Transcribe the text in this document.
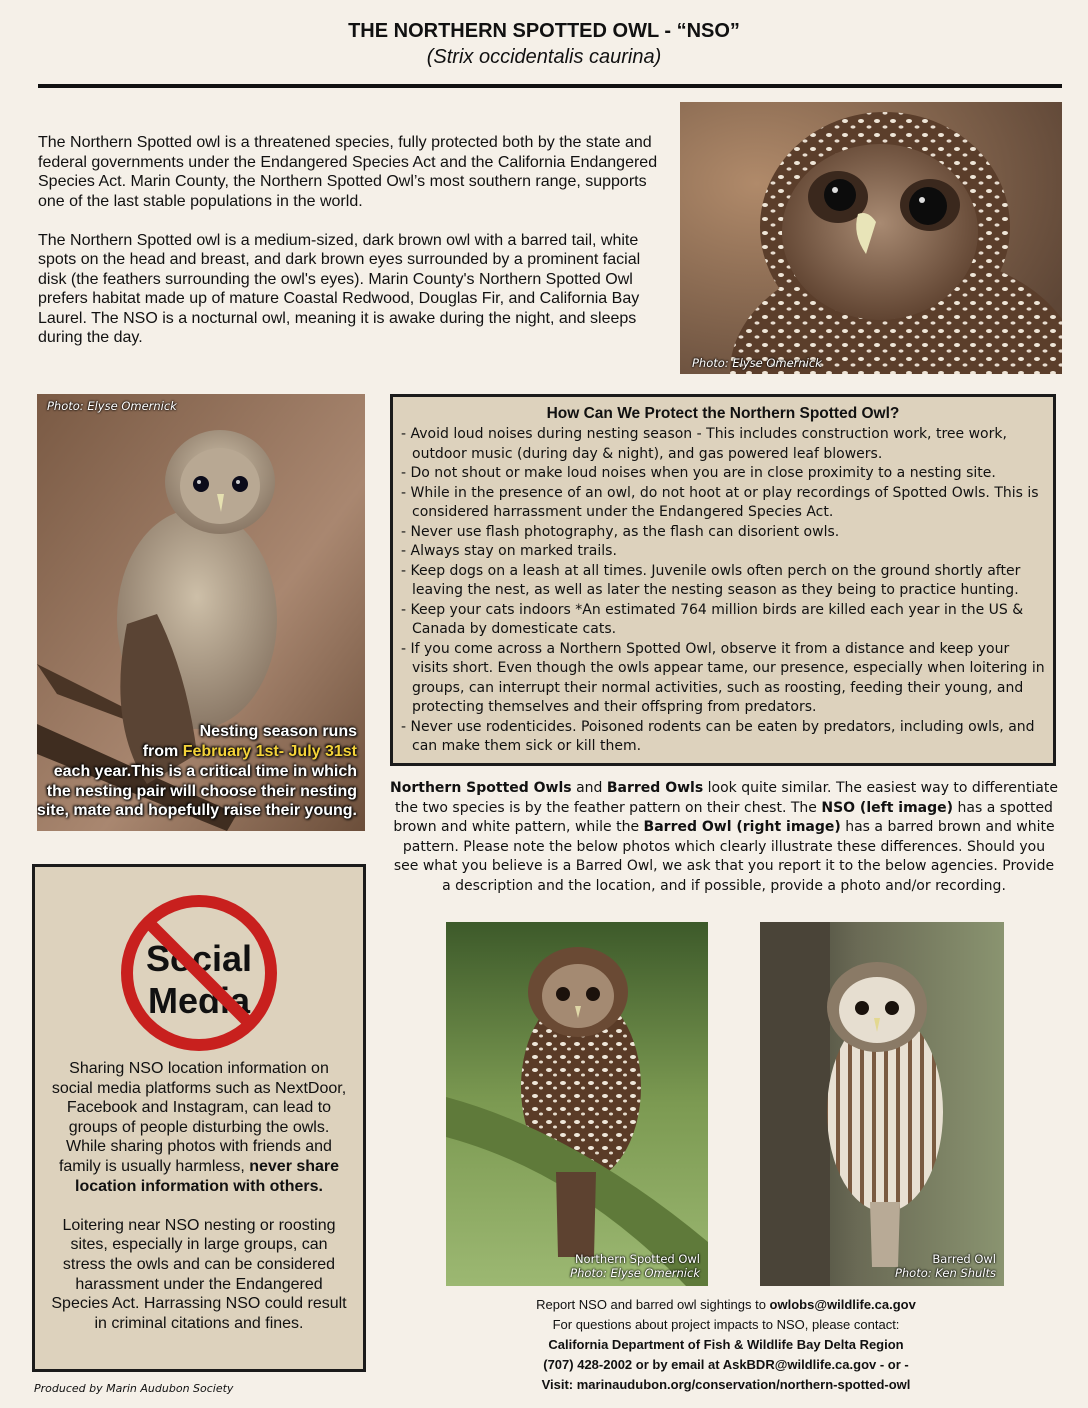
THE NORTHERN SPOTTED OWL - “NSO”
(Strix occidentalis caurina)

The Northern Spotted owl is a threatened species, fully protected both by the state and federal governments under the Endangered Species Act and the California Endangered Species Act. Marin County, the Northern Spotted Owl’s most southern range, supports one of the last stable populations in the world.

The Northern Spotted owl is a medium-sized, dark brown owl with a barred tail, white spots on the head and breast, and dark brown eyes surrounded by a prominent facial disk (the feathers surrounding the owl's eyes). Marin County's Northern Spotted Owl prefers habitat made up of mature Coastal Redwood, Douglas Fir, and California Bay Laurel. The NSO is a nocturnal owl, meaning it is awake during the night, and sleeps during the day.

Photo: Elyse Omernick
Photo: Elyse Omernick
Nesting season runs
from February 1st- July 31st
each year.This is a critical time in which the nesting pair will choose their nesting site, mate and hopefully raise their young.
How Can We Protect the Northern Spotted Owl?
- Avoid loud noises during nesting season - This includes construction work, tree work, outdoor music (during day & night), and gas powered leaf blowers.
- Do not shout or make loud noises when you are in close proximity to a nesting site.
- While in the presence of an owl, do not hoot at or play recordings of Spotted Owls. This is considered harrassment under the Endangered Species Act.
- Never use flash photography, as the flash can disorient owls.
- Always stay on marked trails.
- Keep dogs on a leash at all times. Juvenile owls often perch on the ground shortly after leaving the nest, as well as later the nesting season as they being to practice hunting.
- Keep your cats indoors *An estimated 764 million birds are killed each year in the US & Canada by domesticate cats.
- If you come across a Northern Spotted Owl, observe it from a distance and keep your visits short. Even though the owls appear tame, our presence, especially when loitering in groups, can interrupt their normal activities, such as roosting, feeding their young, and protecting themselves and their offspring from predators.
- Never use rodenticides. Poisoned rodents can be eaten by predators, including owls, and can make them sick or kill them.
Northern Spotted Owls and Barred Owls look quite similar. The easiest way to differentiate the two species is by the feather pattern on their chest. The NSO (left image) has a spotted brown and white pattern, while the Barred Owl (right image) has a barred brown and white pattern. Please note the below photos which clearly illustrate these differences. Should you see what you believe is a Barred Owl, we ask that you report it to the below agencies. Provide a description and the location, and if possible, provide a photo and/or recording.
Social
Media

Sharing NSO location information on social media platforms such as NextDoor, Facebook and Instagram, can lead to groups of people disturbing the owls. While sharing photos with friends and family is usually harmless, never share location information with others.

Loitering near NSO nesting or roosting sites, especially in large groups, can stress the owls and can be considered harassment under the Endangered Species Act. Harrassing NSO could result in criminal citations and fines.

Northern Spotted Owl
Photo: Elyse Omernick
Barred Owl
Photo: Ken Shults
Report NSO and barred owl sightings to owlobs@wildlife.ca.gov
For questions about project impacts to NSO, please contact:
California Department of Fish & Wildlife Bay Delta Region
(707) 428-2002 or by email at AskBDR@wildlife.ca.gov - or -
Visit: marinaudubon.org/conservation/northern-spotted-owl
Produced by Marin Audubon Society
